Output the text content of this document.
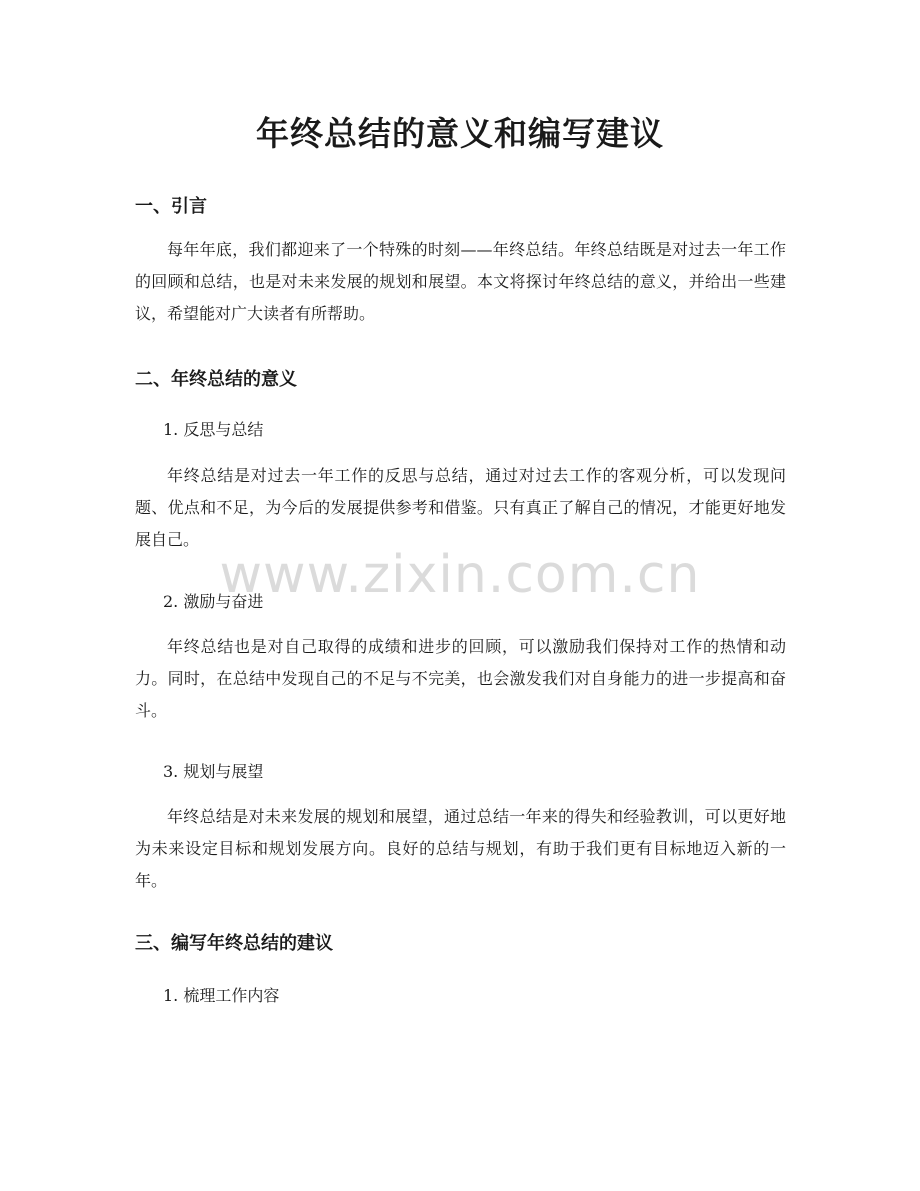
年终总结的意义和编写建议
一、引言

每年年底，我们都迎来了一个特殊的时刻——年终总结。年终总结既是对过去一年工作的回顾和总结，也是对未来发展的规划和展望。本文将探讨年终总结的意义，并给出一些建议，希望能对广大读者有所帮助。

二、年终总结的意义

1. 反思与总结

年终总结是对过去一年工作的反思与总结，通过对过去工作的客观分析，可以发现问题、优点和不足，为今后的发展提供参考和借鉴。只有真正了解自己的情况，才能更好地发展自己。

2. 激励与奋进

年终总结也是对自己取得的成绩和进步的回顾，可以激励我们保持对工作的热情和动力。同时，在总结中发现自己的不足与不完美，也会激发我们对自身能力的进一步提高和奋斗。

3. 规划与展望

年终总结是对未来发展的规划和展望，通过总结一年来的得失和经验教训，可以更好地为未来设定目标和规划发展方向。良好的总结与规划，有助于我们更有目标地迈入新的一年。

三、编写年终总结的建议

1. 梳理工作内容

www.zixin.com.cn
